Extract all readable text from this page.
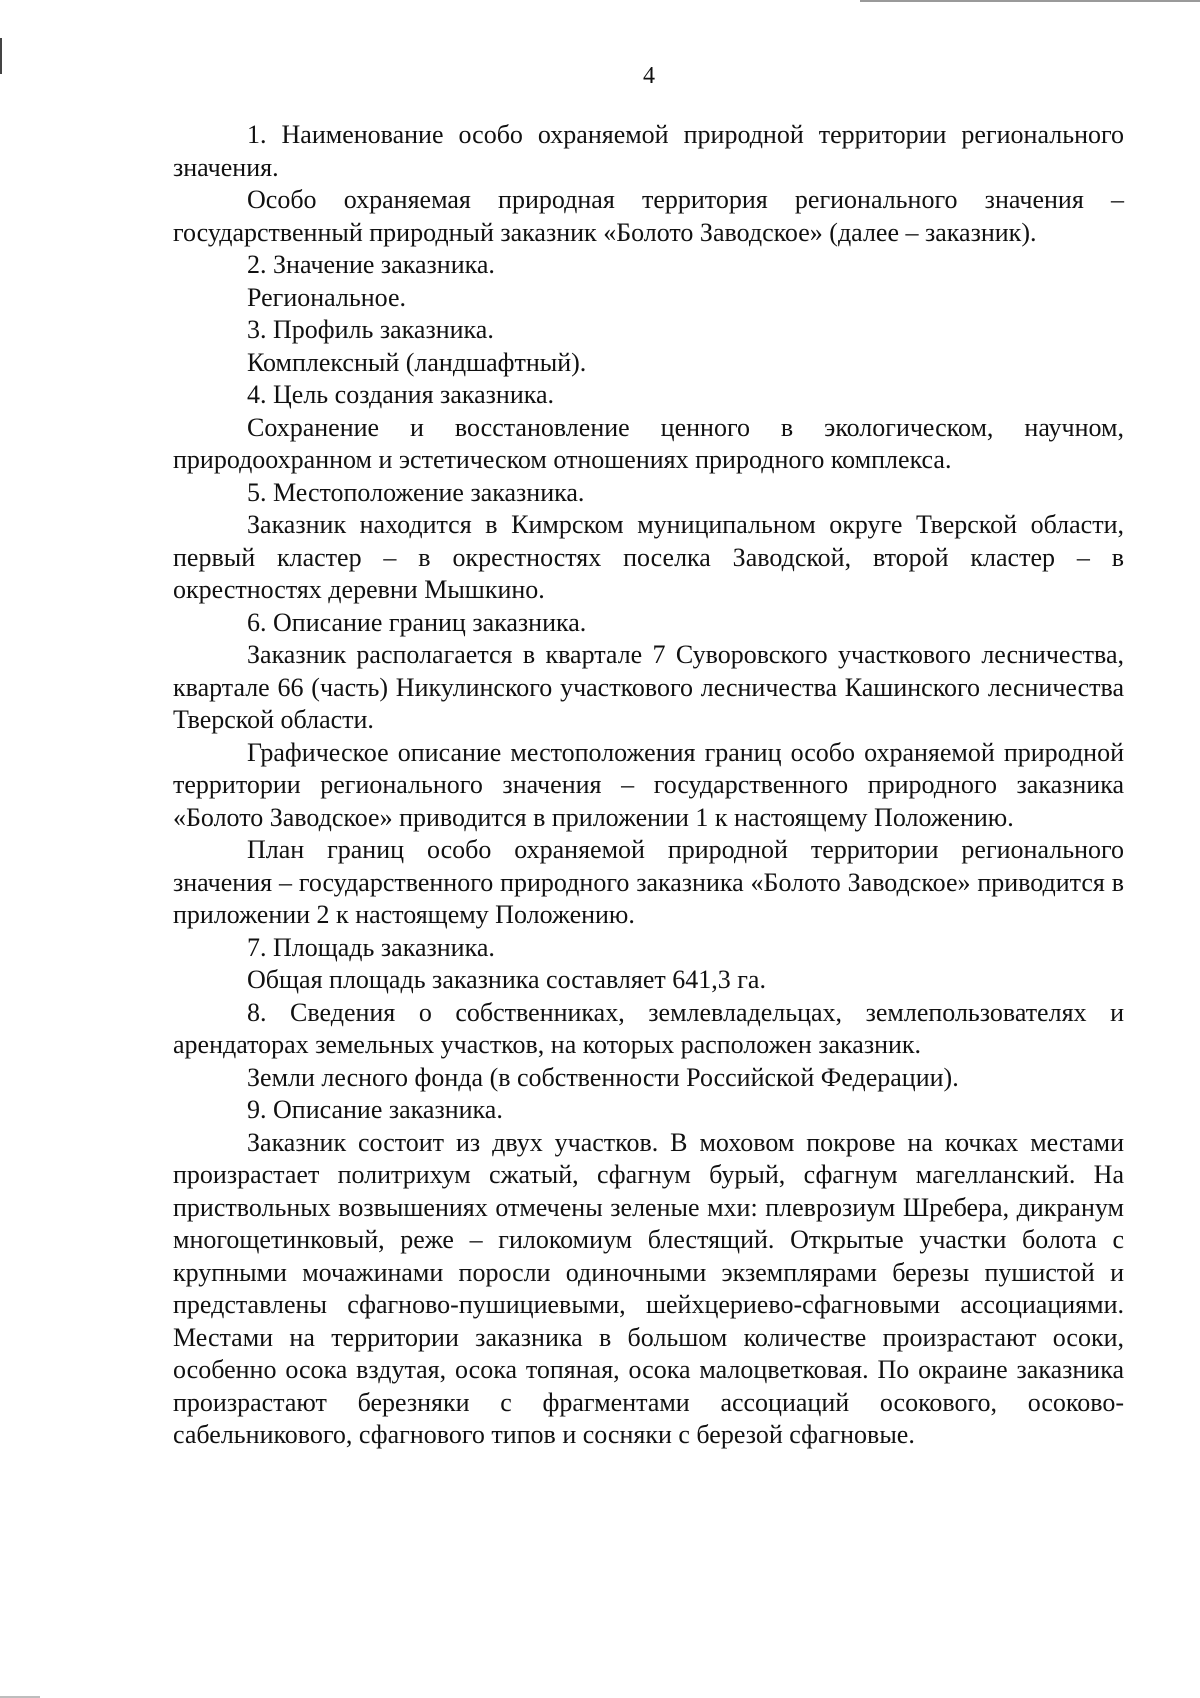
4

1. Наименование особо охраняемой природной территории регионального значения.

Особо охраняемая природная территория регионального значения – государственный природный заказник «Болото Заводское» (далее – заказник).

2. Значение заказника.

Региональное.

3. Профиль заказника.

Комплексный (ландшафтный).

4. Цель создания заказника.

Сохранение и восстановление ценного в экологическом, научном, природоохранном и эстетическом отношениях природного комплекса.

5. Местоположение заказника.

Заказник находится в Кимрском муниципальном округе Тверской области, первый кластер – в окрестностях поселка Заводской, второй кластер – в окрестностях деревни Мышкино.

6. Описание границ заказника.

Заказник располагается в квартале 7 Суворовского участкового лесничества, квартале 66 (часть) Никулинского участкового лесничества Кашинского лесничества Тверской области.

Графическое описание местоположения границ особо охраняемой природной территории регионального значения – государственного природного заказника «Болото Заводское» приводится в приложении 1 к настоящему Положению.

План границ особо охраняемой природной территории регионального значения – государственного природного заказника «Болото Заводское» приводится в приложении 2 к настоящему Положению.

7. Площадь заказника.

Общая площадь заказника составляет 641,3 га.

8. Сведения о собственниках, землевладельцах, землепользователях и арендаторах земельных участков, на которых расположен заказник.

Земли лесного фонда (в собственности Российской Федерации).

9. Описание заказника.

Заказник состоит из двух участков. В моховом покрове на кочках местами произрастает политрихум сжатый, сфагнум бурый, сфагнум магелланский. На приствольных возвышениях отмечены зеленые мхи: плеврозиум Шребера, дикранум многощетинковый, реже – гилокомиум блестящий. Открытые участки болота с крупными мочажинами поросли одиночными экземплярами березы пушистой и представлены сфагново-пушициевыми, шейхцериево-сфагновыми ассоциациями. Местами на территории заказника в большом количестве произрастают осоки, особенно осока вздутая, осока топяная, осока малоцветковая. По окраине заказника произрастают березняки с фрагментами ассоциаций осокового, осоково-сабельникового, сфагнового типов и сосняки с березой сфагновые.
